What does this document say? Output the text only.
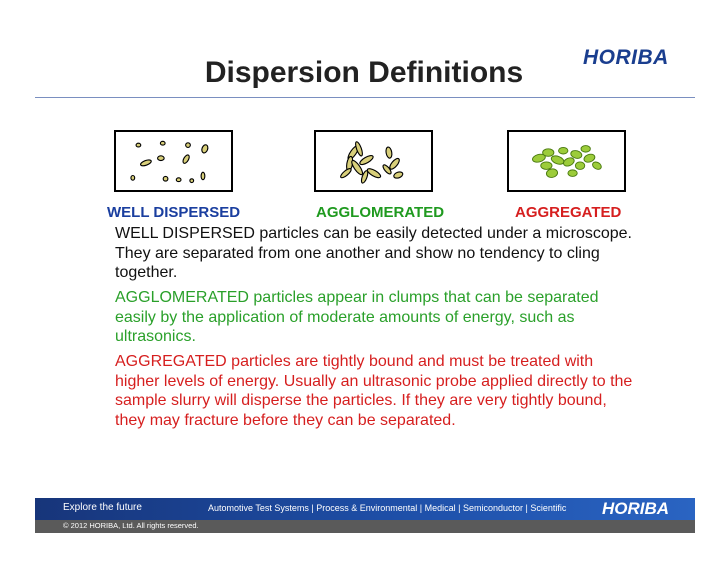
HORIBA
Dispersion Definitions
WELL DISPERSED	AGGLOMERATED	AGGREGATED
WELL DISPERSED particles can be easily detected under a microscope. They are separated from one another and show no tendency to cling together.
AGGLOMERATED particles appear in clumps that can be separated easily by the application of moderate amounts of energy, such as ultrasonics.
AGGREGATED particles are tightly bound and must be treated with higher levels of energy. Usually an ultrasonic probe applied directly to the sample slurry will disperse the particles. If they are very tightly bound, they may fracture before they can be separated.
Explore the future	Automotive Test Systems | Process & Environmental | Medical | Semiconductor | Scientific HORIBA
© 2012 HORIBA, Ltd. All rights reserved.
